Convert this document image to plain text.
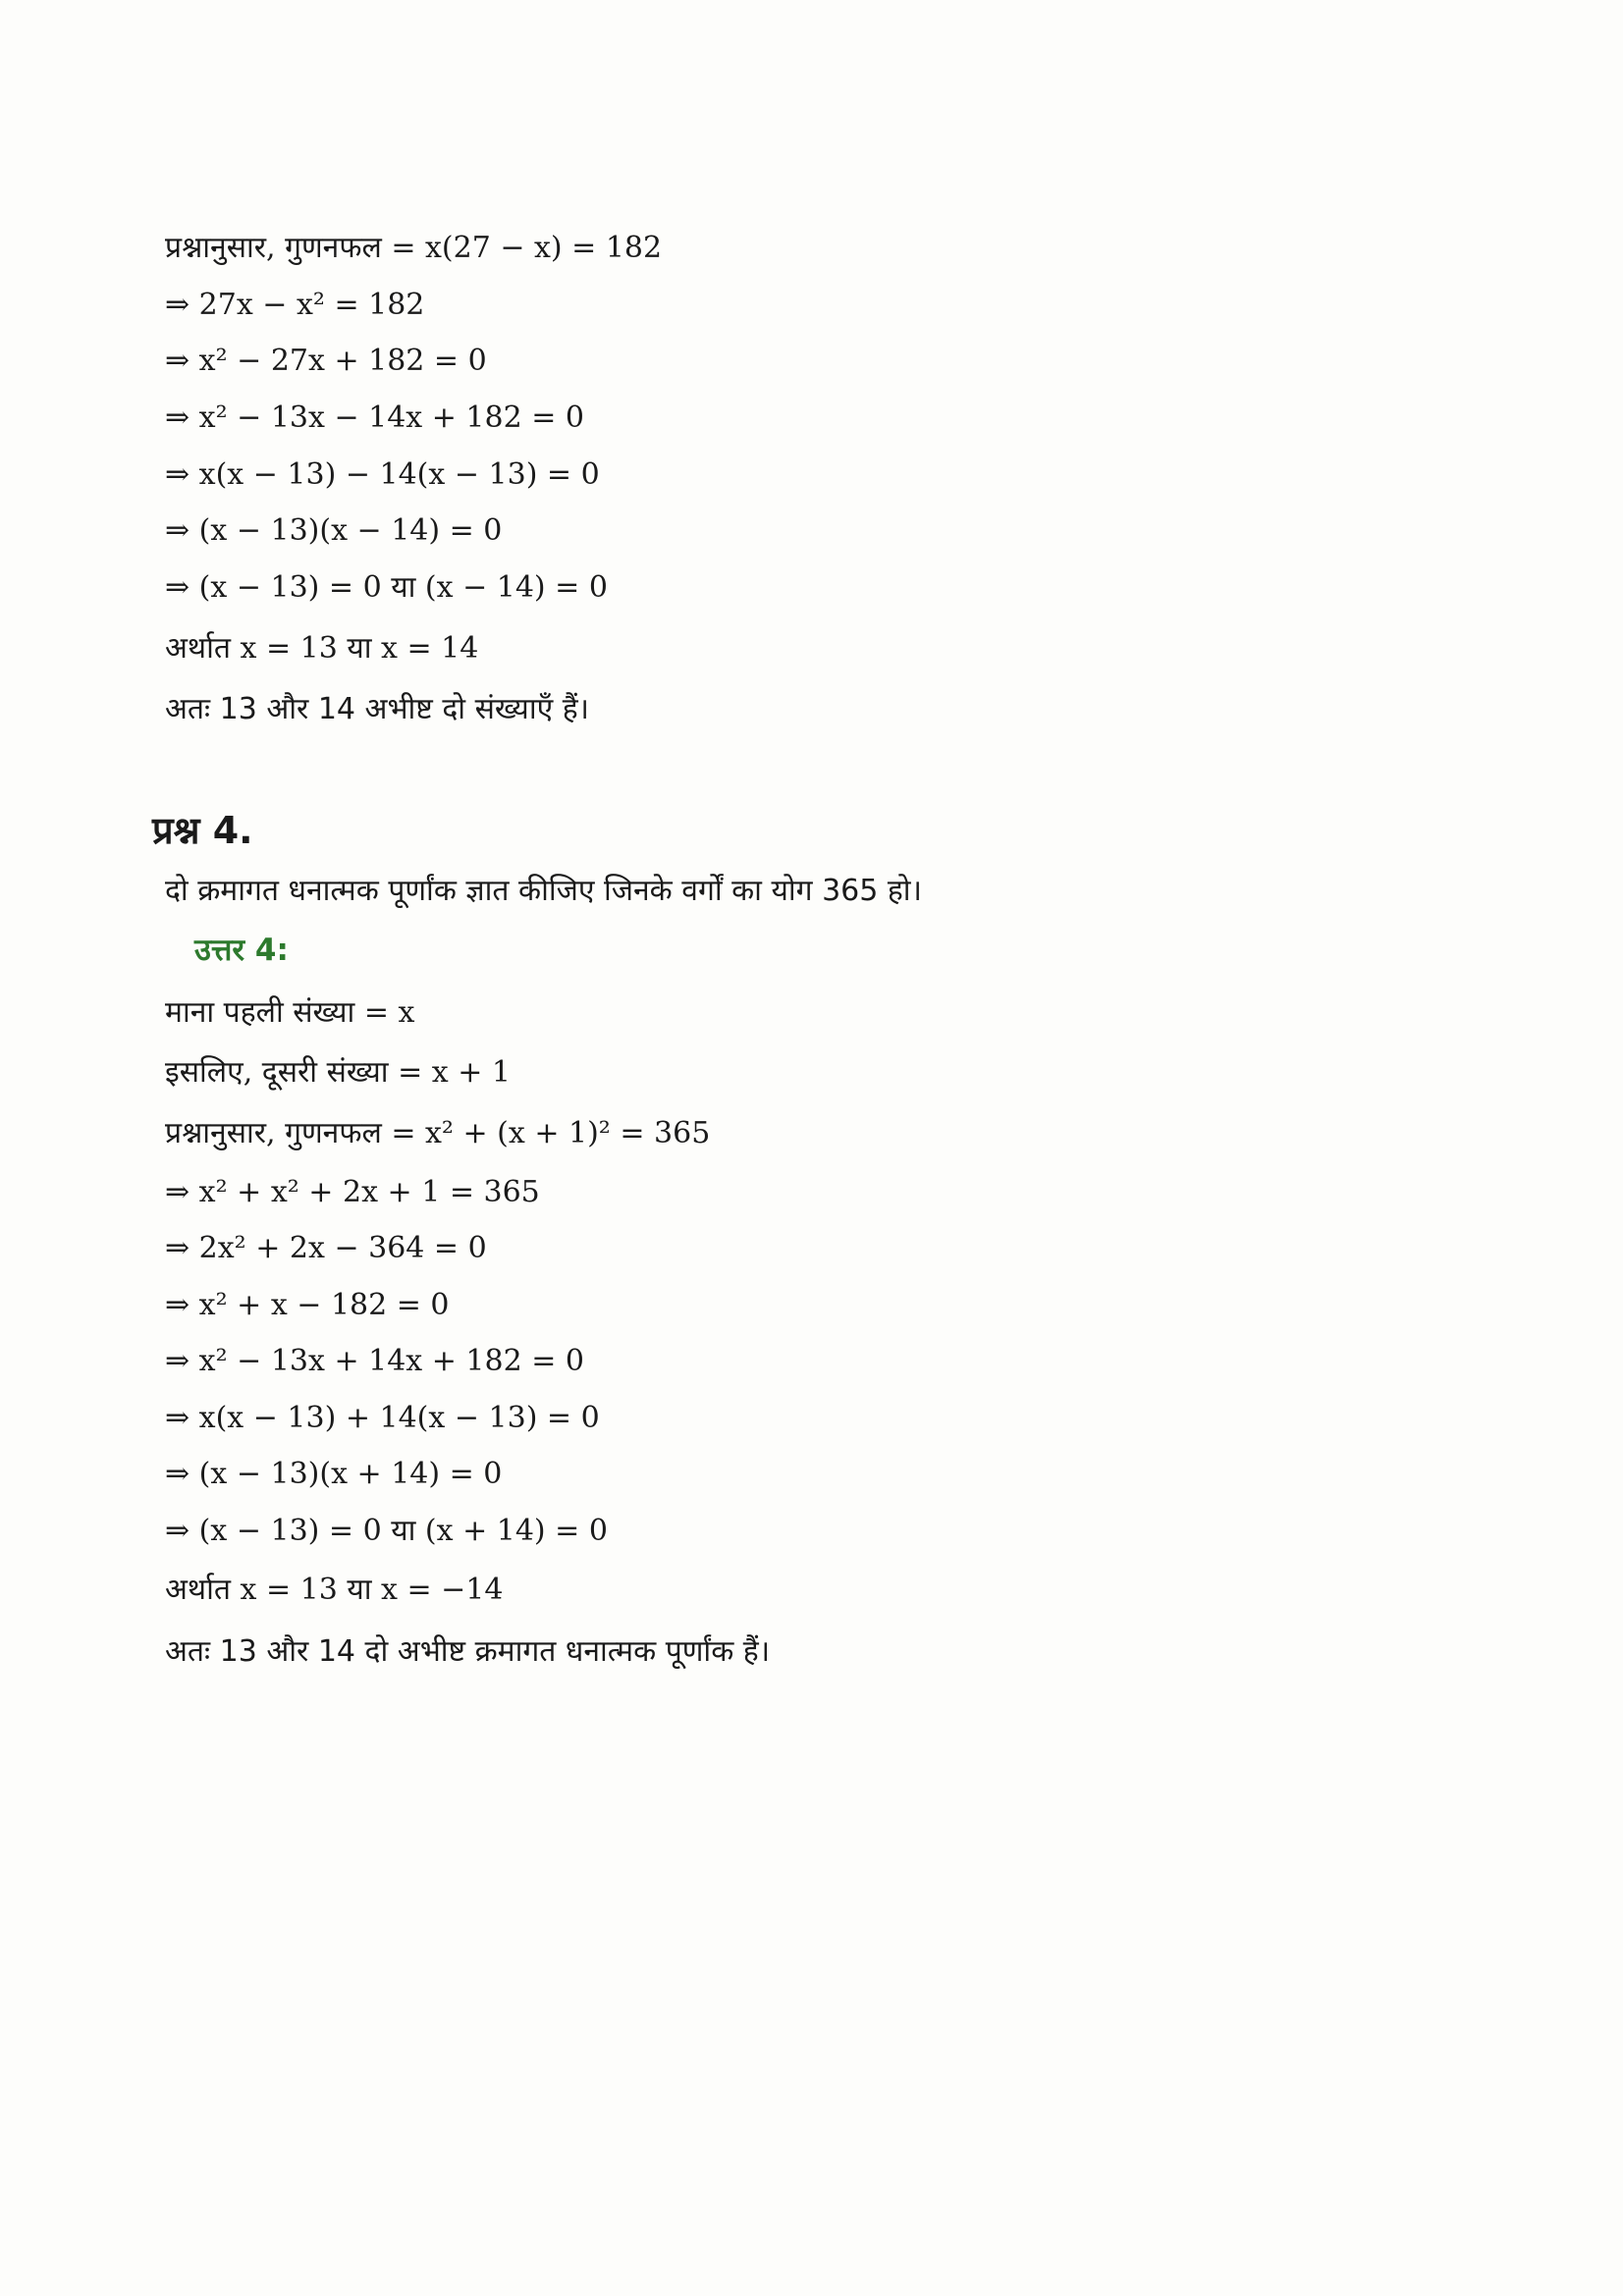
प्रश्नानुसार, गुणनफल = x(27 − x) = 182
⇒ 27x − x² = 182
⇒ x² − 27x + 182 = 0
⇒ x² − 13x − 14x + 182 = 0
⇒ x(x − 13) − 14(x − 13) = 0
⇒ (x − 13)(x − 14) = 0
⇒ (x − 13) = 0 या (x − 14) = 0
अर्थात x = 13 या x = 14
अतः 13 और 14 अभीष्ट दो संख्याएँ हैं।
प्रश्न 4.
दो क्रमागत धनात्मक पूर्णांक ज्ञात कीजिए जिनके वर्गों का योग 365 हो।
उत्तर 4:
माना पहली संख्या = x
इसलिए, दूसरी संख्या = x + 1
प्रश्नानुसार, गुणनफल = x² + (x + 1)² = 365
⇒ x² + x² + 2x + 1 = 365
⇒ 2x² + 2x − 364 = 0
⇒ x² + x − 182 = 0
⇒ x² − 13x + 14x + 182 = 0
⇒ x(x − 13) + 14(x − 13) = 0
⇒ (x − 13)(x + 14) = 0
⇒ (x − 13) = 0 या (x + 14) = 0
अर्थात x = 13 या x = −14
अतः 13 और 14 दो अभीष्ट क्रमागत धनात्मक पूर्णांक हैं।
